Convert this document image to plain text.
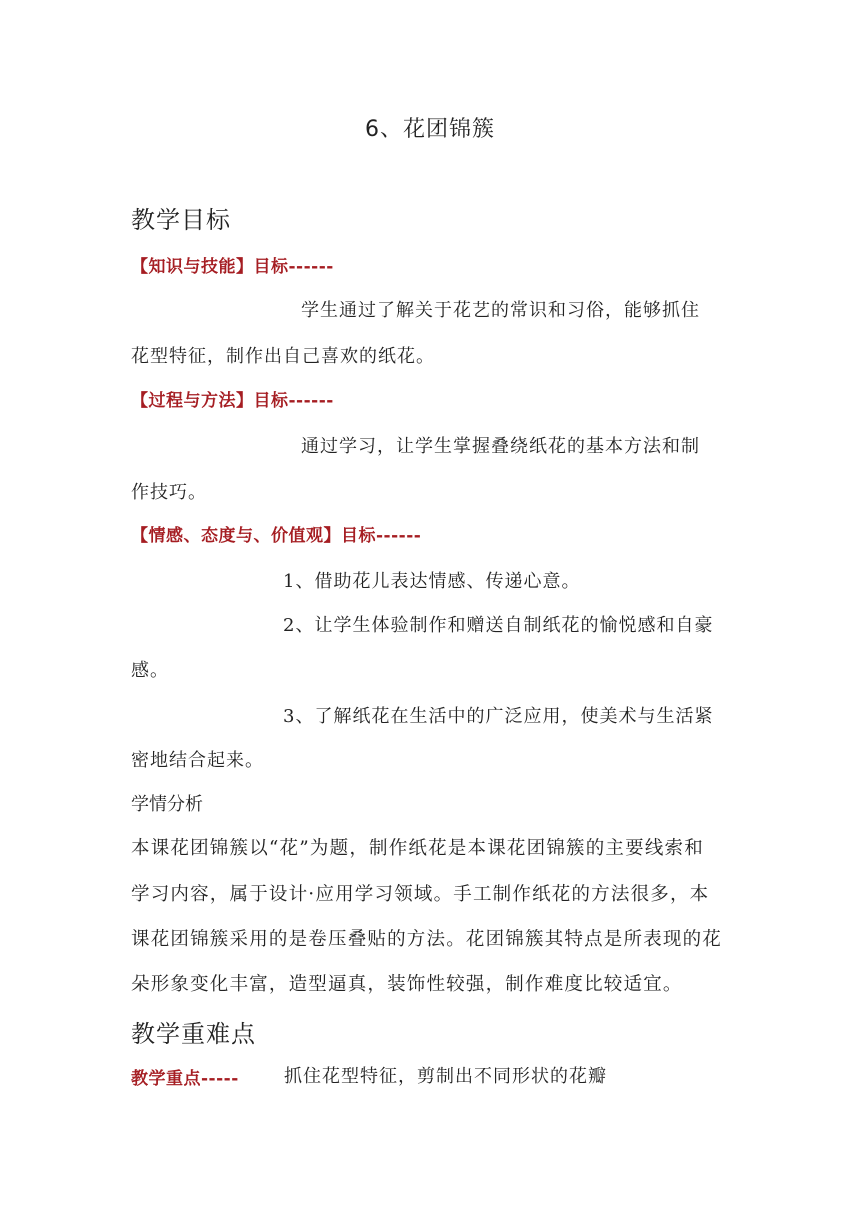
6、花团锦簇
教学目标
【知识与技能】目标------
学生通过了解关于花艺的常识和习俗，能够抓住
花型特征，制作出自己喜欢的纸花。
【过程与方法】目标------
通过学习，让学生掌握叠绕纸花的基本方法和制
作技巧。
【情感、态度与、价值观】目标------
1、借助花儿表达情感、传递心意。
2、让学生体验制作和赠送自制纸花的愉悦感和自豪
感。
3、了解纸花在生活中的广泛应用，使美术与生活紧
密地结合起来。
学情分析
本课花团锦簇以“花”为题，制作纸花是本课花团锦簇的主要线索和
学习内容，属于设计·应用学习领域。手工制作纸花的方法很多，本
课花团锦簇采用的是卷压叠贴的方法。花团锦簇其特点是所表现的花
朵形象变化丰富，造型逼真，装饰性较强，制作难度比较适宜。
教学重难点
教学重点-----	抓住花型特征，剪制出不同形状的花瓣
